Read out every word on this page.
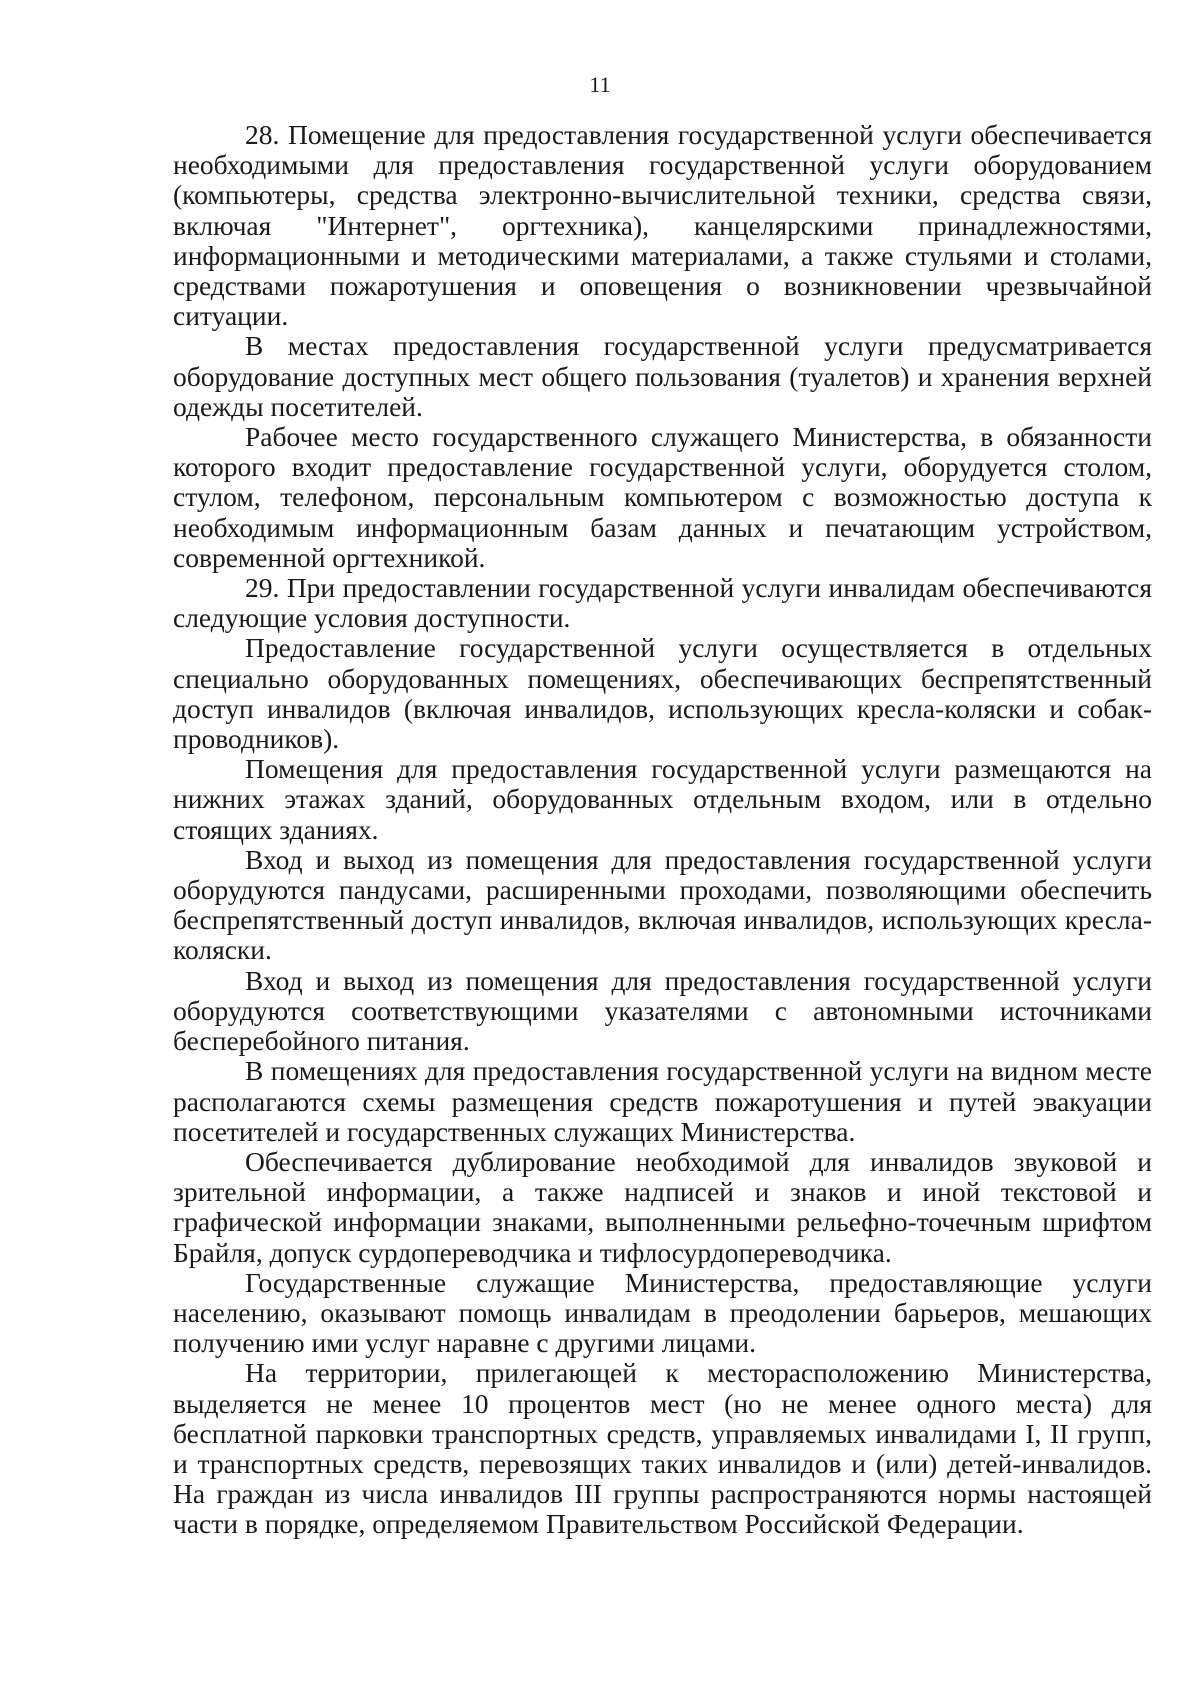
11

28. Помещение для предоставления государственной услуги обеспечивается необходимыми для предоставления государственной услуги оборудованием (компьютеры, средства электронно-вычислительной техники, средства связи, включая "Интернет", оргтехника), канцелярскими принадлежностями, информационными и методическими материалами, а также стульями и столами, средствами пожаротушения и оповещения о возникновении чрезвычайной ситуации.

В местах предоставления государственной услуги предусматривается оборудование доступных мест общего пользования (туалетов) и хранения верхней одежды посетителей.

Рабочее место государственного служащего Министерства, в обязанности которого входит предоставление государственной услуги, оборудуется столом, стулом, телефоном, персональным компьютером с возможностью доступа к необходимым информационным базам данных и печатающим устройством, современной оргтехникой.

29. При предоставлении государственной услуги инвалидам обеспечиваются следующие условия доступности.

Предоставление государственной услуги осуществляется в отдельных специально оборудованных помещениях, обеспечивающих беспрепятственный доступ инвалидов (включая инвалидов, использующих кресла-коляски и собак-проводников).

Помещения для предоставления государственной услуги размещаются на нижних этажах зданий, оборудованных отдельным входом, или в отдельно стоящих зданиях.

Вход и выход из помещения для предоставления государственной услуги оборудуются пандусами, расширенными проходами, позволяющими обеспечить беспрепятственный доступ инвалидов, включая инвалидов, использующих кресла-коляски.

Вход и выход из помещения для предоставления государственной услуги оборудуются соответствующими указателями с автономными источниками бесперебойного питания.

В помещениях для предоставления государственной услуги на видном месте располагаются схемы размещения средств пожаротушения и путей эвакуации посетителей и государственных служащих Министерства.

Обеспечивается дублирование необходимой для инвалидов звуковой и зрительной информации, а также надписей и знаков и иной текстовой и графической информации знаками, выполненными рельефно-точечным шрифтом Брайля, допуск сурдопереводчика и тифлосурдопереводчика.

Государственные служащие Министерства, предоставляющие услуги населению, оказывают помощь инвалидам в преодолении барьеров, мешающих получению ими услуг наравне с другими лицами.

На территории, прилегающей к месторасположению Министерства, выделяется не менее 10 процентов мест (но не менее одного места) для бесплатной парковки транспортных средств, управляемых инвалидами I, II групп, и транспортных средств, перевозящих таких инвалидов и (или) детей-инвалидов. На граждан из числа инвалидов III группы распространяются нормы настоящей части в порядке, определяемом Правительством Российской Федерации.
